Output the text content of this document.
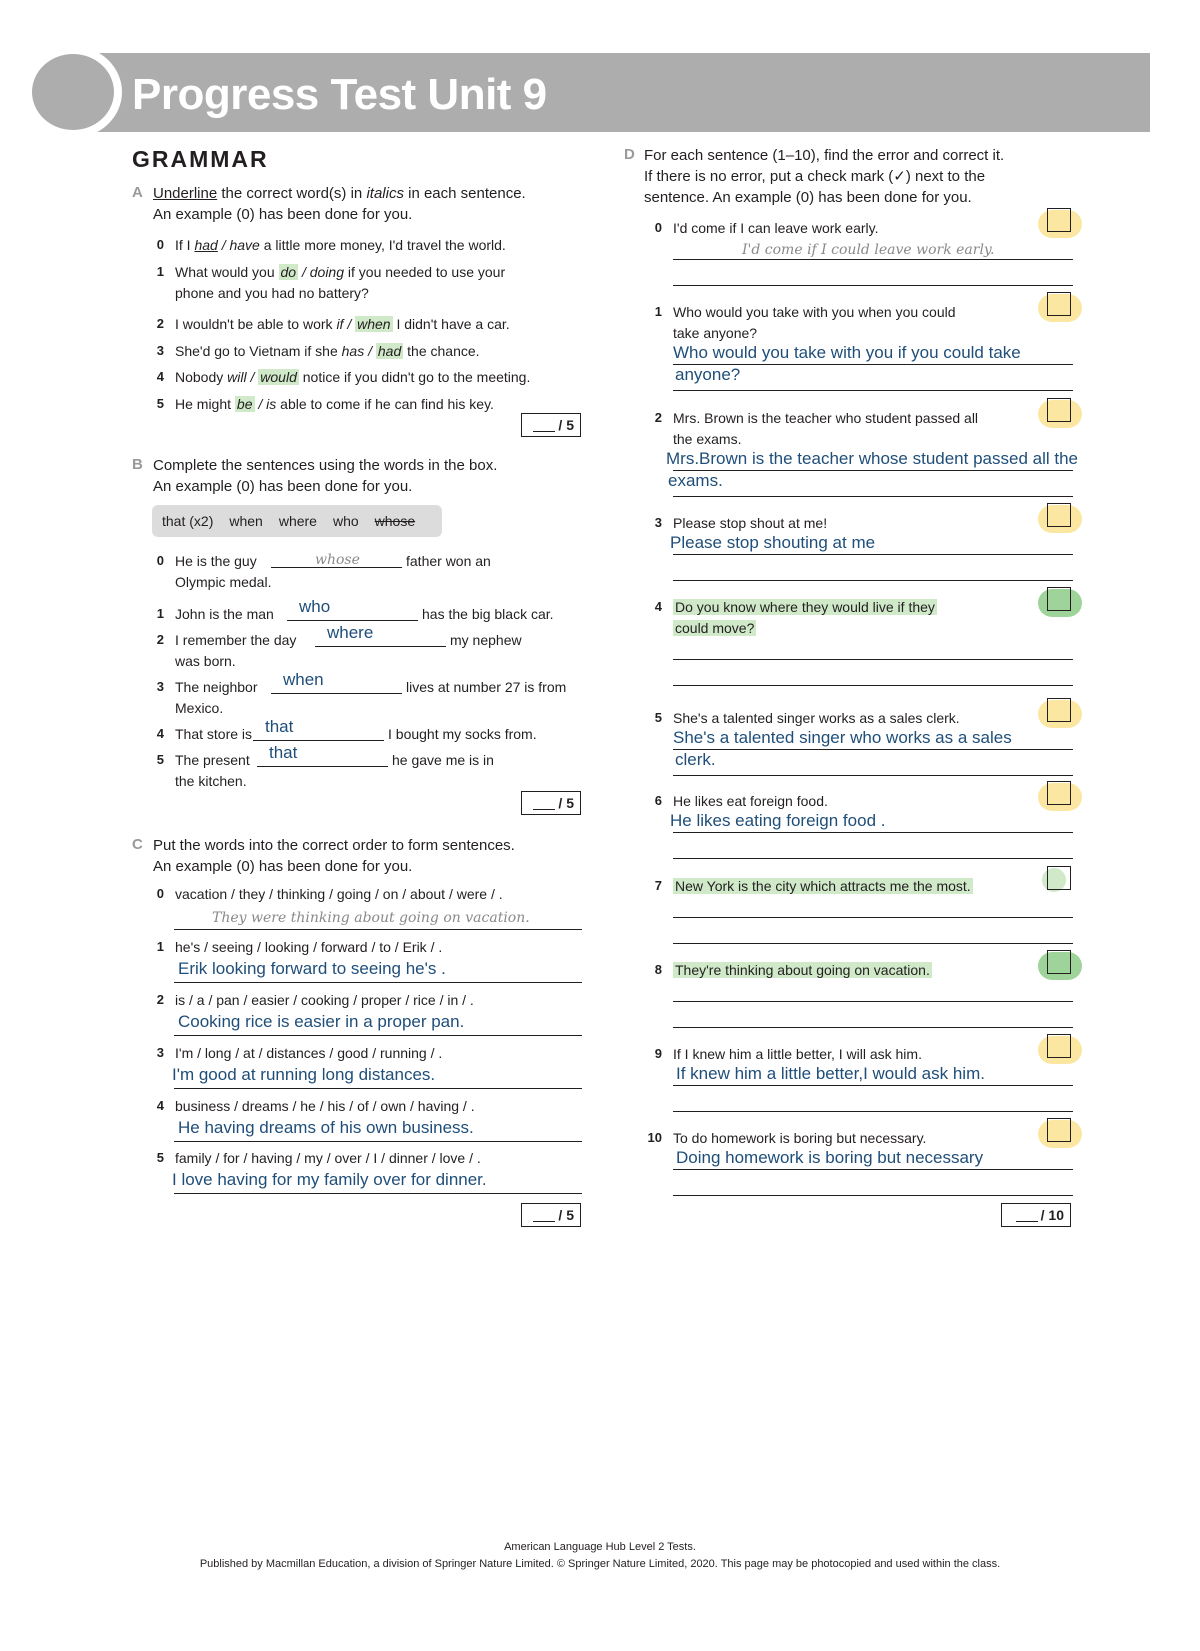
Progress Test Unit 9
GRAMMAR
A Underline the correct word(s) in italics in each sentence.
An example (0) has been done for you.
0 If I had / have a little more money, I'd travel the world.
1 What would you do / doing if you needed to use your
phone and you had no battery?
2 I wouldn't be able to work if / when I didn't have a car.
3 She'd go to Vietnam if she has / had the chance.
4 Nobody will / would notice if you didn't go to the meeting.
5 He might be / is able to come if he can find his key.
/ 5
B Complete the sentences using the words in the box.
An example (0) has been done for you.
that (x2) when where who whose
0 He is the guy	whose	father won an
Olympic medal.
1 John is the man who	has the big black car.
2 I remember the day where	my nephew
was born.
3 The neighbor when	lives at number 27 is from
Mexico.
4 That store is that	I bought my socks from.
5 The present that	he gave me is in
the kitchen.
/ 5
C Put the words into the correct order to form sentences.
An example (0) has been done for you.
0 vacation / they / thinking / going / on / about / were / .
They were thinking about going on vacation.
1 he's / seeing / looking / forward / to / Erik / .
Erik looking forward to seeing he's .
2 is / a / pan / easier / cooking / proper / rice / in / .
Cooking rice is easier in a proper pan.
3 I'm / long / at / distances / good / running / .
I'm good at running long distances.
4 business / dreams / he / his / of / own / having / .
He having dreams of his own business.
5 family / for / having / my / over / I / dinner / love / .
I love having for my family over for dinner.
/ 5
D For each sentence (1–10), find the error and correct it.
If there is no error, put a check mark (✓) next to the
sentence. An example (0) has been done for you.
0 I'd come if I can leave work early.
I'd come if I could leave work early.
1 Who would you take with you when you could
take anyone?
Who would you take with you if you could take
anyone?
2 Mrs. Brown is the teacher who student passed all
the exams.
Mrs.Brown is the teacher whose student passed all the
exams.
3 Please stop shout at me!
Please stop shouting at me
4 Do you know where they would live if they
could move?
5 She's a talented singer works as a sales clerk.
She's a talented singer who works as a sales
clerk.
6 He likes eat foreign food.
He likes eating foreign food .
7 New York is the city which attracts me the most.
8 They're thinking about going on vacation.
9 If I knew him a little better, I will ask him.
If knew him a little better,I would ask him.
10 To do homework is boring but necessary.
Doing homework is boring but necessary
/ 10
American Language Hub Level 2 Tests.
Published by Macmillan Education, a division of Springer Nature Limited. © Springer Nature Limited, 2020. This page may be photocopied and used within the class.
